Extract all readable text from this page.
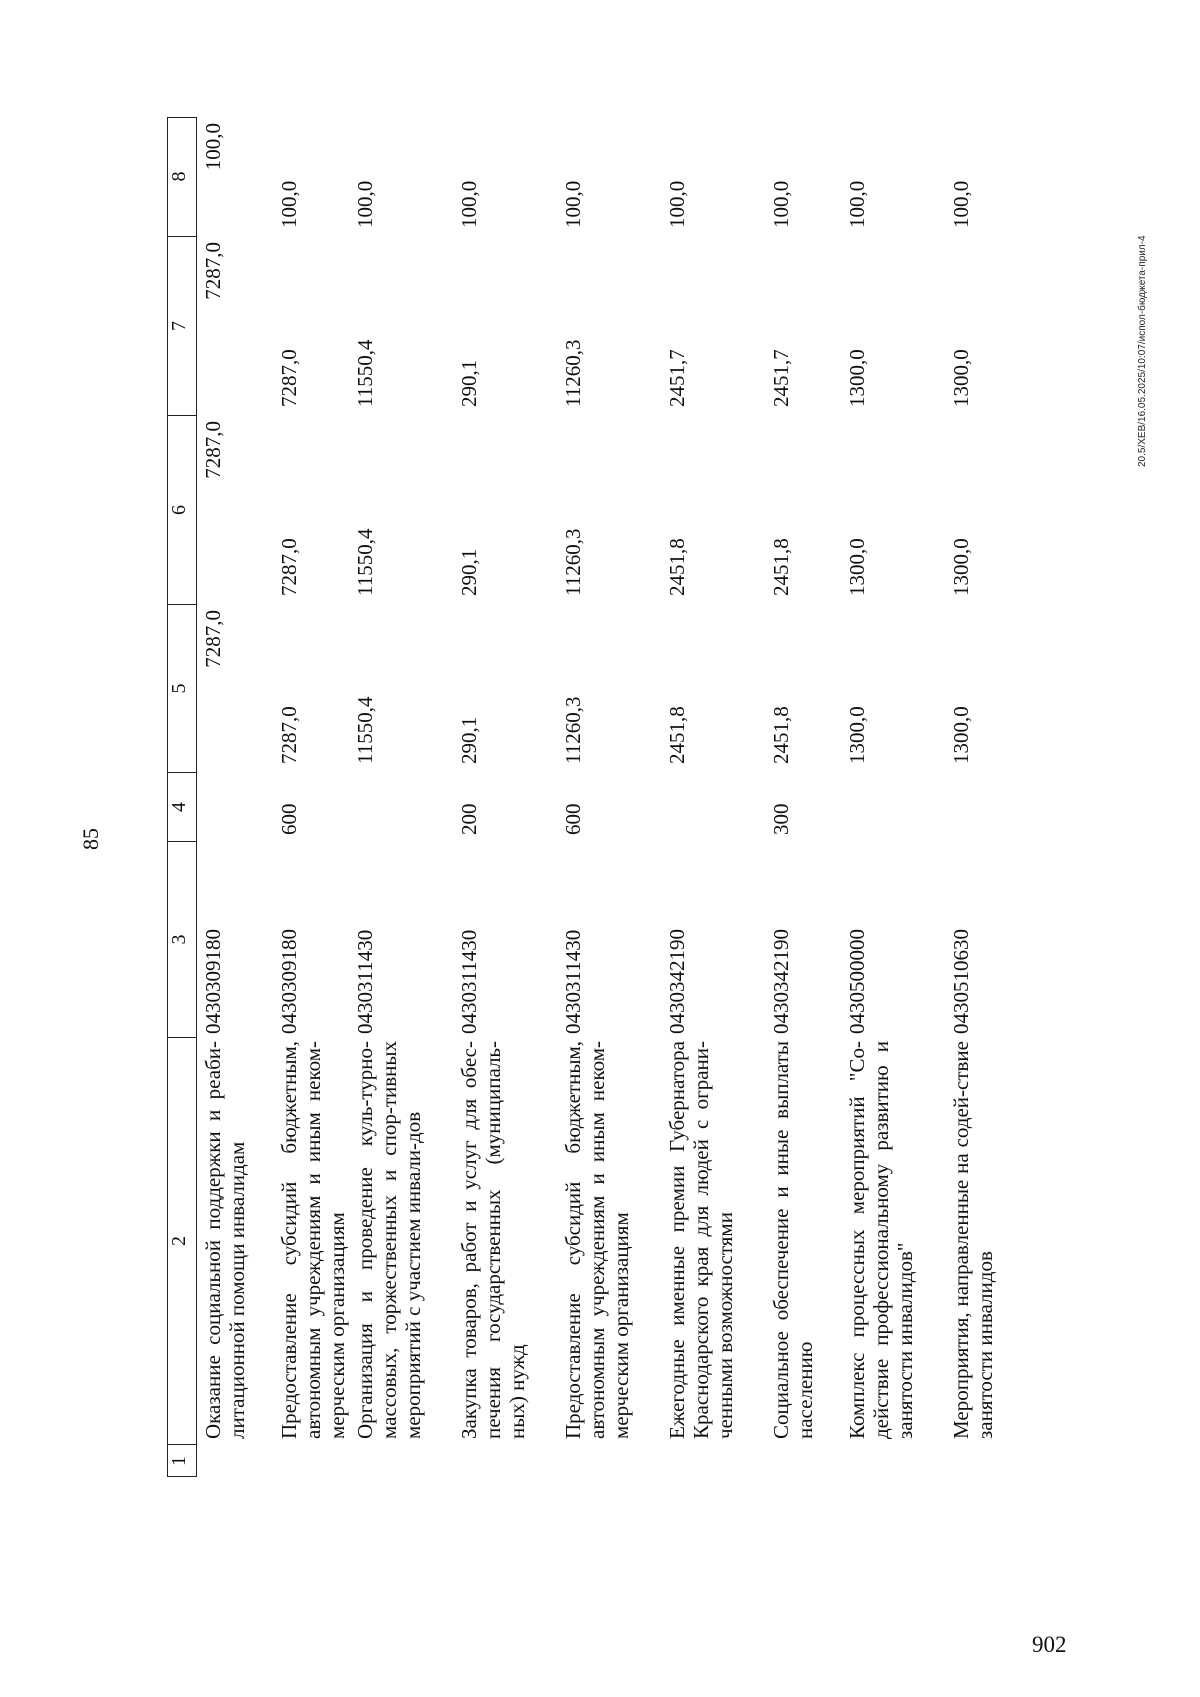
85
1
2
3
4
5
6
7
8
Оказание социальной поддержки и реаби-литационной помощи инвалидам
0430309180
7287,0
7287,0
7287,0
100,0
Предоставление субсидий бюджетным, автономным учреждениям и иным неком-мерческим организациям
0430309180
600
7287,0
7287,0
7287,0
100,0
Организация и проведение куль-турно-массовых, торжественных и спор-тивных мероприятий с участием инвали-дов
0430311430
11550,4
11550,4
11550,4
100,0
Закупка товаров, работ и услуг для обес-печения государственных (муниципаль-ных) нужд
0430311430
200
290,1
290,1
290,1
100,0
Предоставление субсидий бюджетным, автономным учреждениям и иным неком-мерческим организациям
0430311430
600
11260,3
11260,3
11260,3
100,0
Ежегодные именные премии Губернатора Краснодарского края для людей с ограни-ченными возможностями
0430342190
2451,8
2451,8
2451,7
100,0
Социальное обеспечение и иные выплаты населению
0430342190
300
2451,8
2451,8
2451,7
100,0
Комплекс процессных мероприятий "Со-действие профессиональному развитию и занятости инвалидов"
0430500000
1300,0
1300,0
1300,0
100,0
Мероприятия, направленные на содей-ствие занятости инвалидов
0430510630
1300,0
1300,0
1300,0
100,0
20.5/XEB/16.05.2025/10:07/испол-бюджета-прил-4
902
